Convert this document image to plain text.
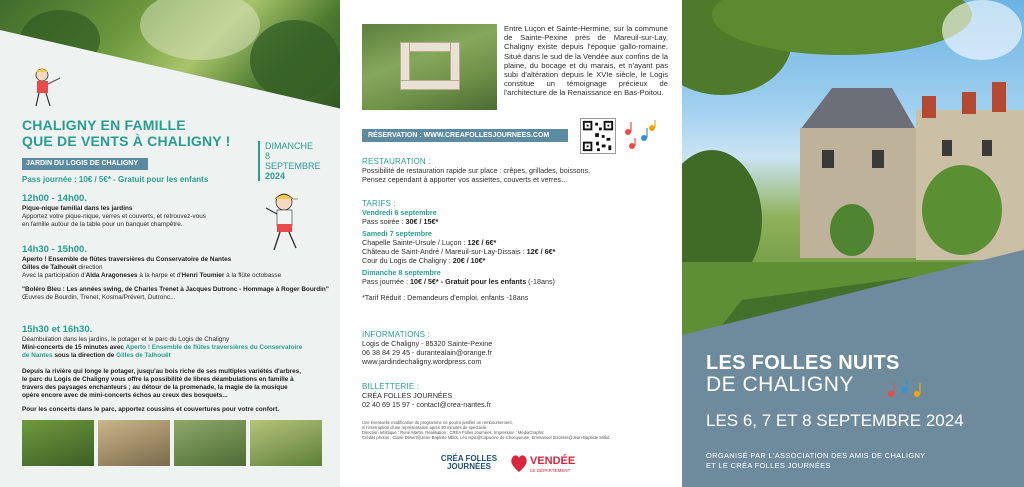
CHALIGNY EN FAMILLE
QUE DE VENTS À CHALIGNY !	DIMANCHE
8 SEPTEMBRE
2024
JARDIN DU LOGIS DE CHALIGNY
Pass journée : 10€ / 5€* - Gratuit pour les enfants
12h00 - 14h00.
Pique-nique familial dans les jardins
Apportez votre pique-nique, verres et couverts, et retrouvez-vous
en famille autour de la table pour un banquet champêtre.
14h30 - 15h00.
Aperto ! Ensemble de flûtes traversières du Conservatoire de Nantes
Gilles de Talhouët direction
Avec la participation d'Alda Aragoneses à la harpe et d'Henri Toumier à la flûte octobasse
"Boléro Bleu : Les années swing, de Charles Trenet à Jacques Dutronc - Hommage à Roger Bourdin"
Œuvres de Bourdin, Trenet, Kosma/Prévert, Dutronc...
15h30 et 16h30.
Déambulation dans les jardins, le potager et le parc du Logis de Chaligny
Mini-concerts de 15 minutes avec Aperto ! Ensemble de flûtes traversières du Conservatoire
de Nantes sous la direction de Gilles de Talhouët
Depuis la rivière qui longe le potager, jusqu'au bois riche de ses multiples variétés d'arbres,
le parc du Logis de Chaligny vous offre la possibilité de libres déambulations en famille à
travers des paysages enchanteurs ; au détour de la promenade, la magie de la musique
opère encore avec de mini-concerts échos au creux des bosquets...
Pour les concerts dans le parc, apportez coussins et couvertures pour votre confort.
Entre Luçon et Sainte-Hermine, sur la commune de Sainte-Pexine près de Mareuil-sur-Lay, Chaligny existe depuis l'époque gallo-romaine. Situé dans le sud de la Vendée aux confins de la plaine, du bocage et du marais, et n'ayant pas subi d'altération depuis le XVIe siècle, le Logis constitue un témoignage précieux de l'architecture de la Renaissance en Bas-Poitou.
RÉSERVATION : WWW.CREAFOLLESJOURNEES.COM
RESTAURATION :
Possibilité de restauration rapide sur place : crêpes, grillades, boissons.
Pensez cependant à apporter vos assiettes, couverts et verres…
TARIFS :
Vendredi 6 septembre
Pass soirée : 30€ / 15€*
Samedi 7 septembre
Chapelle Sainte-Ursule / Luçon : 12€ / 6€*
Château de Saint-André / Mareuil-sur-Lay-Dissais : 12€ / 6€*
Cour du Logis de Chaligny : 20€ / 10€*
Dimanche 8 septembre
Pass journée : 10€ / 5€* - Gratuit pour les enfants (-18ans)
*Tarif Réduit : Demandeurs d'emploi, enfants -18ans
INFORMATIONS :
Logis de Chaligny - 85320 Sainte-Pexine
06 38 84 29 45 - durantealain@orange.fr
www.jardindechaligny.wordpress.com
BILLETTERIE :
CRÉA FOLLES JOURNÉES
02 40 69 15 97 - contact@crea-nantes.fr
Une éventuelle modification du programme ne pourra justifier un remboursement,
ni l'interruption d'une représentation après 30 minutes de spectacle.
Direction artistique : René Martin. Réalisation : CRÉA Folles Journées. Impression : MédiaGraphic
Crédits photos : Claire Désert@Jean-Baptiste Millot, Léo Ispic@Capucine de Chocqueuse, Emmanuel Strosser@Jean-Baptiste Millot.
CRÉA FOLLES
JOURNÉES	VENDÉE
LE DÉPARTEMENT
LES FOLLES NUITS
DE CHALIGNY
LES 6, 7 ET 8 SEPTEMBRE 2024
ORGANISÉ PAR L'ASSOCIATION DES AMIS DE CHALIGNY
ET LE CRÉA FOLLES JOURNÉES
